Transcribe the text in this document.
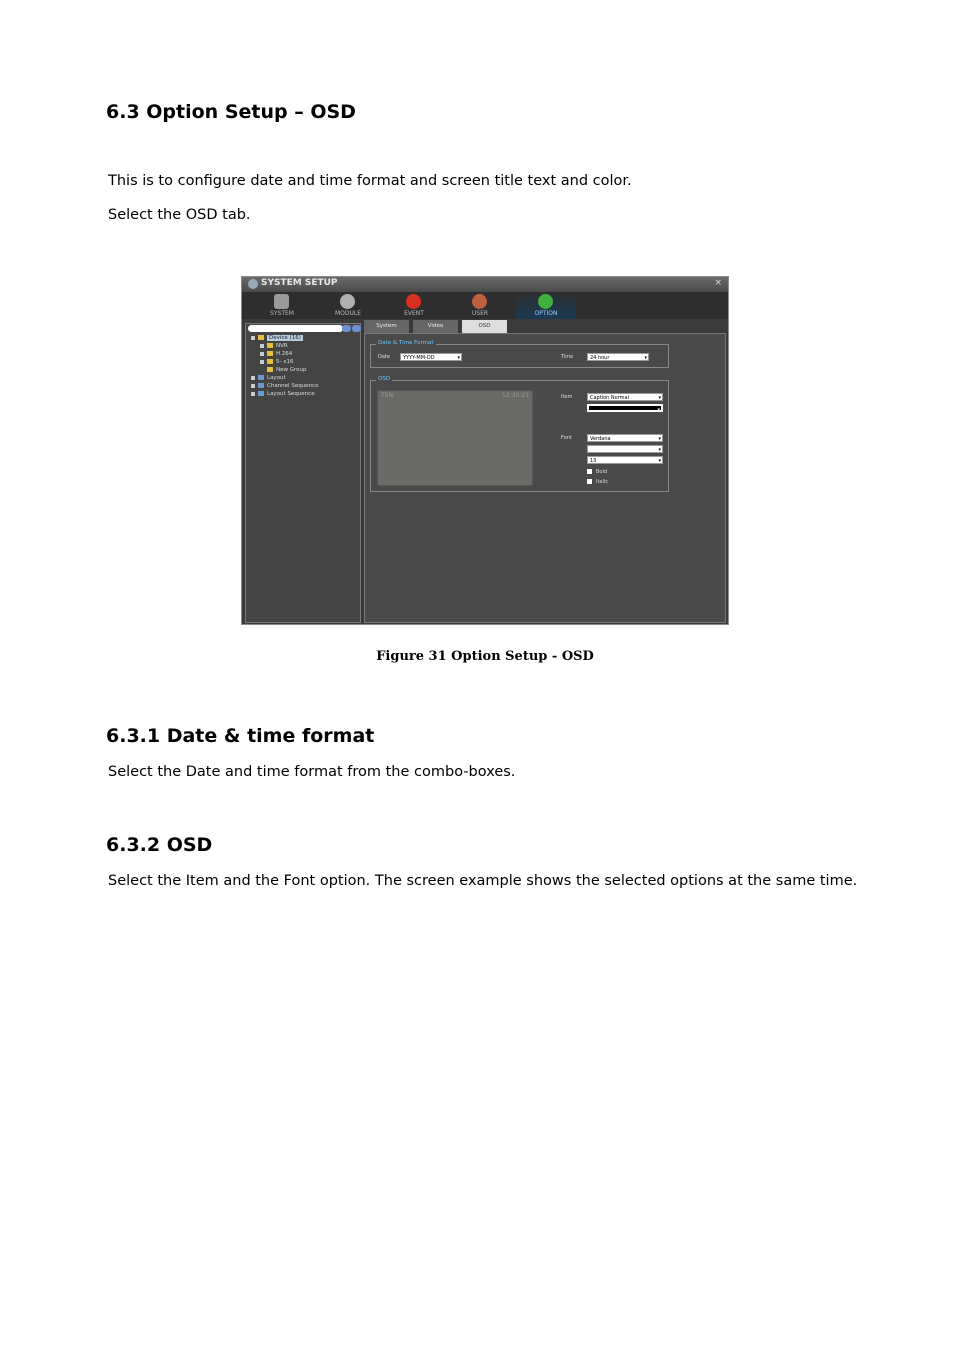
6.3 Option Setup – OSD

This is to configure date and time format and screen title text and color.

Select the OSD tab.

SYSTEM SETUP	×
SYSTEM	MODULE	EVENT	USER	OPTION
Device (16)
NVR
H.264
5- x16
New Group
Layout
Channel Sequence
Layout Sequence
System	Video	OSD
Date & Time Format
Date	YYYY-MM-DD	▾	Time	24 hour	▾
OSD
Title	12:30:21	Item	Caption Normal	▾
▾
Font	Verdana	▾
▾
13	▾
Bold
Italic
Figure 31 Option Setup - OSD
6.3.1 Date & time format

Select the Date and time format from the combo-boxes.

6.3.2 OSD

Select the Item and the Font option. The screen example shows the selected options at the same time.
